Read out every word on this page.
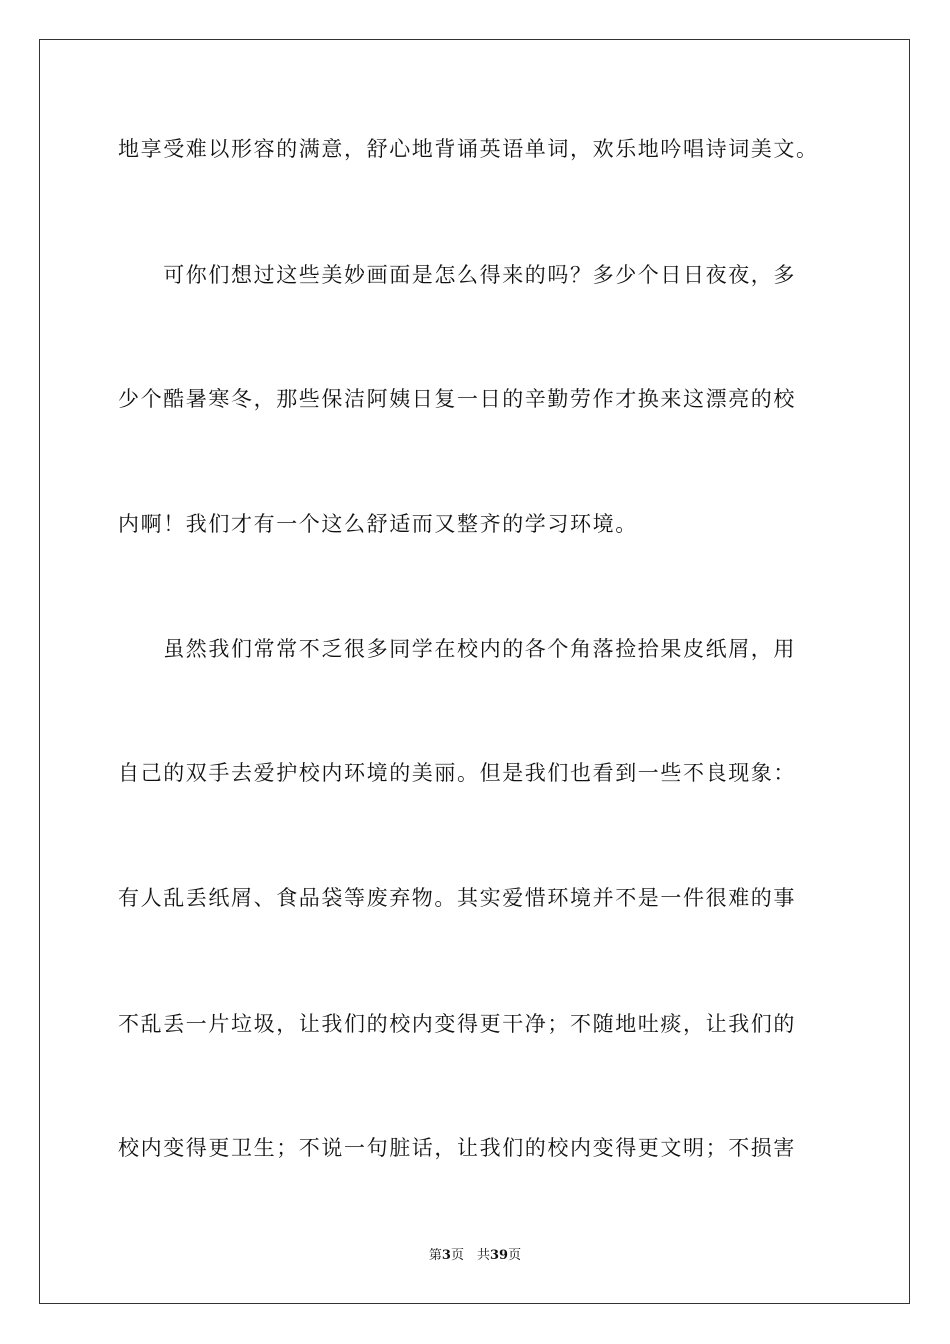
地享受难以形容的满意，舒心地背诵英语单词，欢乐地吟唱诗词美文。
　　可你们想过这些美妙画面是怎么得来的吗？多少个日日夜夜，多
少个酷暑寒冬，那些保洁阿姨日复一日的辛勤劳作才换来这漂亮的校
内啊！我们才有一个这么舒适而又整齐的学习环境。
　　虽然我们常常不乏很多同学在校内的各个角落捡拾果皮纸屑，用
自己的双手去爱护校内环境的美丽。但是我们也看到一些不良现象：
有人乱丢纸屑、食品袋等废弃物。其实爱惜环境并不是一件很难的事
不乱丢一片垃圾，让我们的校内变得更干净；不随地吐痰，让我们的
校内变得更卫生；不说一句脏话，让我们的校内变得更文明；不损害
第3页　共39页
